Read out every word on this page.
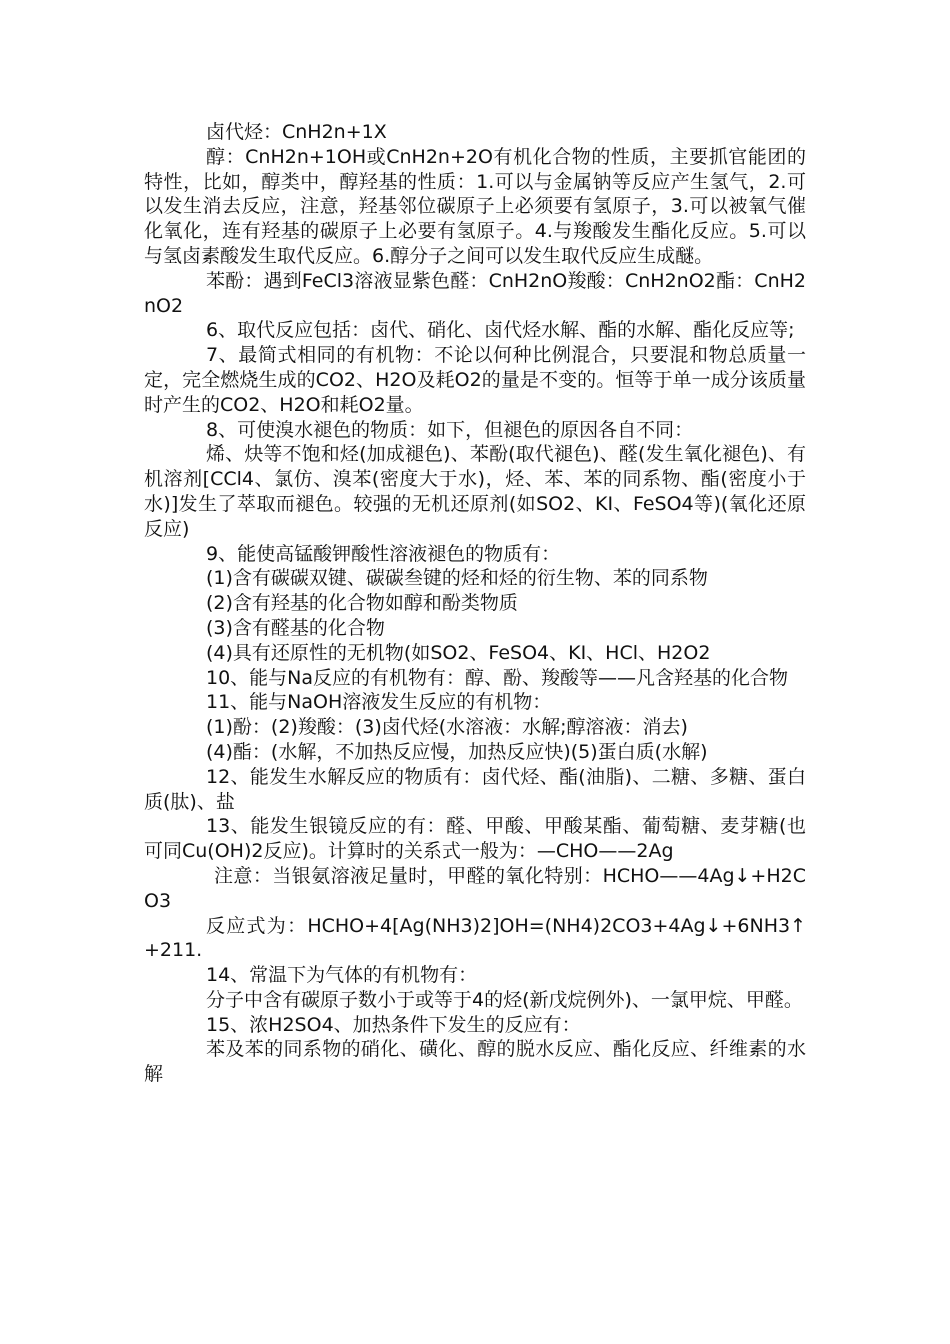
卤代烃：CnH2n+1X

醇：CnH2n+1OH或CnH2n+2O有机化合物的性质，主要抓官能团的特性，比如，醇类中，醇羟基的性质：1.可以与金属钠等反应产生氢气，2.可以发生消去反应，注意，羟基邻位碳原子上必须要有氢原子，3.可以被氧气催化氧化，连有羟基的碳原子上必要有氢原子。4.与羧酸发生酯化反应。5.可以与氢卤素酸发生取代反应。6.醇分子之间可以发生取代反应生成醚。

苯酚：遇到FeCl3溶液显紫色醛：CnH2nO羧酸：CnH2nO2酯：CnH2nO2

6、取代反应包括：卤代、硝化、卤代烃水解、酯的水解、酯化反应等;

7、最简式相同的有机物：不论以何种比例混合，只要混和物总质量一定，完全燃烧生成的CO2、H2O及耗O2的量是不变的。恒等于单一成分该质量时产生的CO2、H2O和耗O2量。

8、可使溴水褪色的物质：如下，但褪色的原因各自不同：

烯、炔等不饱和烃(加成褪色)、苯酚(取代褪色)、醛(发生氧化褪色)、有机溶剂[CCl4、氯仿、溴苯(密度大于水)，烃、苯、苯的同系物、酯(密度小于水)]发生了萃取而褪色。较强的无机还原剂(如SO2、KI、FeSO4等)(氧化还原反应)

9、能使高锰酸钾酸性溶液褪色的物质有：

(1)含有碳碳双键、碳碳叁键的烃和烃的衍生物、苯的同系物

(2)含有羟基的化合物如醇和酚类物质

(3)含有醛基的化合物

(4)具有还原性的无机物(如SO2、FeSO4、KI、HCl、H2O2

10、能与Na反应的有机物有：醇、酚、羧酸等——凡含羟基的化合物

11、能与NaOH溶液发生反应的有机物：

(1)酚：(2)羧酸：(3)卤代烃(水溶液：水解;醇溶液：消去)

(4)酯：(水解，不加热反应慢，加热反应快)(5)蛋白质(水解)

12、能发生水解反应的物质有：卤代烃、酯(油脂)、二糖、多糖、蛋白质(肽)、盐

13、能发生银镜反应的有：醛、甲酸、甲酸某酯、葡萄糖、麦芽糖(也可同Cu(OH)2反应)。计算时的关系式一般为：—CHO——2Ag

注意：当银氨溶液足量时，甲醛的氧化特别：HCHO——4Ag↓+H2CO3

反应式为：HCHO+4[Ag(NH3)2]OH=(NH4)2CO3+4Ag↓+6NH3↑+211.

14、常温下为气体的有机物有：

分子中含有碳原子数小于或等于4的烃(新戊烷例外)、一氯甲烷、甲醛。

15、浓H2SO4、加热条件下发生的反应有：

苯及苯的同系物的硝化、磺化、醇的脱水反应、酯化反应、纤维素的水解
